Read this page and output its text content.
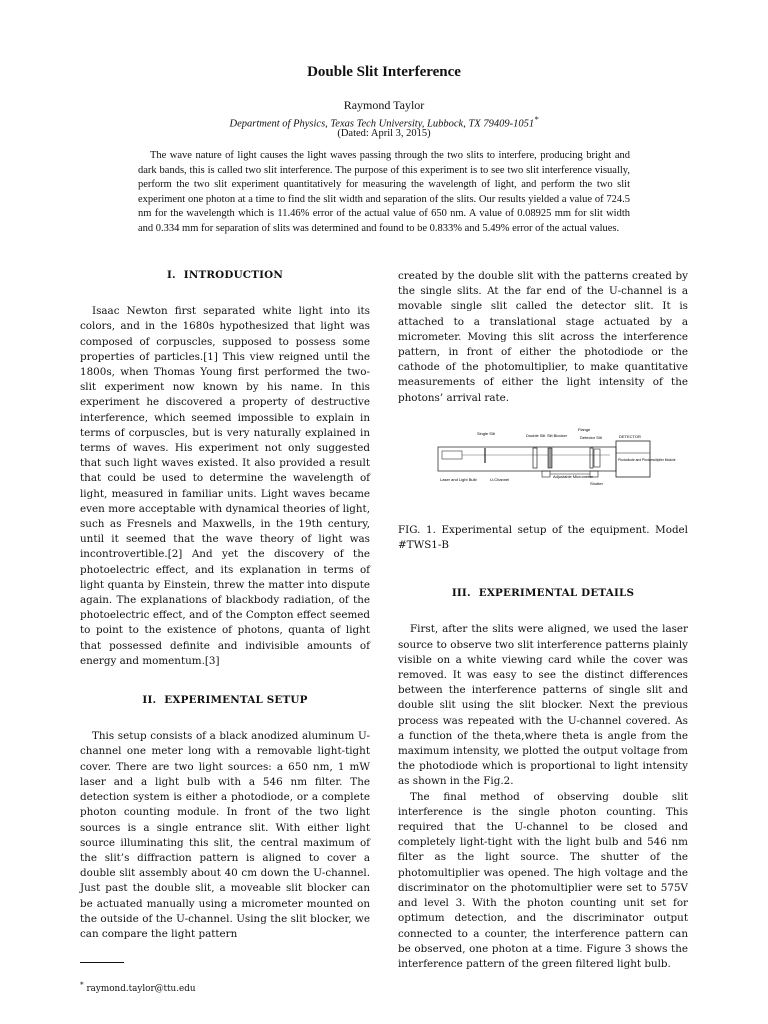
Double Slit Interference

Raymond Taylor

Department of Physics, Texas Tech University, Lubbock, TX 79409-1051*

(Dated: April 3, 2015)

The wave nature of light causes the light waves passing through the two slits to interfere, producing bright and dark bands, this is called two slit interference. The purpose of this experiment is to see two slit interference visually, perform the two slit experiment quantitatively for measuring the wavelength of light, and perform the two slit experiment one photon at a time to find the slit width and separation of the slits. Our results yielded a value of 724.5 nm for the wavelength which is 11.46% error of the actual value of 650 nm. A value of 0.08925 mm for slit width and 0.334 mm for separation of slits was determined and found to be 0.833% and 5.49% error of the actual values.

I. INTRODUCTION

Isaac Newton first separated white light into its colors, and in the 1680s hypothesized that light was composed of corpuscles, supposed to possess some properties of particles.[1] This view reigned until the 1800s, when Thomas Young first performed the two-slit experiment now known by his name. In this experiment he discovered a property of destructive interference, which seemed impossible to explain in terms of corpuscles, but is very naturally explained in terms of waves. His experiment not only suggested that such light waves existed. It also provided a result that could be used to determine the wavelength of light, measured in familiar units. Light waves became even more acceptable with dynamical theories of light, such as Fresnels and Maxwells, in the 19th century, until it seemed that the wave theory of light was incontrovertible.[2] And yet the discovery of the photoelectric effect, and its explanation in terms of light quanta by Einstein, threw the matter into dispute again. The explanations of blackbody radiation, of the photoelectric effect, and of the Compton effect seemed to point to the existence of photons, quanta of light that possessed definite and indivisible amounts of energy and momentum.[3]

II. EXPERIMENTAL SETUP

This setup consists of a black anodized aluminum U-channel one meter long with a removable light-tight cover. There are two light sources: a 650 nm, 1 mW laser and a light bulb with a 546 nm filter. The detection system is either a photodiode, or a complete photon counting module. In front of the two light sources is a single entrance slit. With either light source illuminating this slit, the central maximum of the slit’s diffraction pattern is aligned to cover a double slit assembly about 40 cm down the U-channel. Just past the double slit, a moveable slit blocker can be actuated manually using a micrometer mounted on the outside of the U-channel. Using the slit blocker, we can compare the light pattern

* raymond.taylor@ttu.edu

created by the double slit with the patterns created by the single slits. At the far end of the U-channel is a movable single slit called the detector slit. It is attached to a translational stage actuated by a micrometer. Moving this slit across the interference pattern, in front of either the photodiode or the cathode of the photomultiplier, to make quantitative measurements of either the light intensity of the photons’ arrival rate.

Single Slit	Double Slit Slit Blocker
Flange
Detector Slit	DETECTOR
Photodiode and Photomultiplier Module
Laser and Light Bulb	U-Channel
Adjustable Micrometer
Shutter

FIG. 1. Experimental setup of the equipment. Model #TWS1-B

III. EXPERIMENTAL DETAILS

First, after the slits were aligned, we used the laser source to observe two slit interference patterns plainly visible on a white viewing card while the cover was removed. It was easy to see the distinct differences between the interference patterns of single slit and double slit using the slit blocker. Next the previous process was repeated with the U-channel covered. As a function of the theta,where theta is angle from the maximum intensity, we plotted the output voltage from the photodiode which is proportional to light intensity as shown in the Fig.2.

The final method of observing double slit interference is the single photon counting. This required that the U-channel to be closed and completely light-tight with the light bulb and 546 nm filter as the light source. The shutter of the photomultiplier was opened. The high voltage and the discriminator on the photomultiplier were set to 575V and level 3. With the photon counting unit set for optimum detection, and the discriminator output connected to a counter, the interference pattern can be observed, one photon at a time. Figure 3 shows the interference pattern of the green filtered light bulb.
